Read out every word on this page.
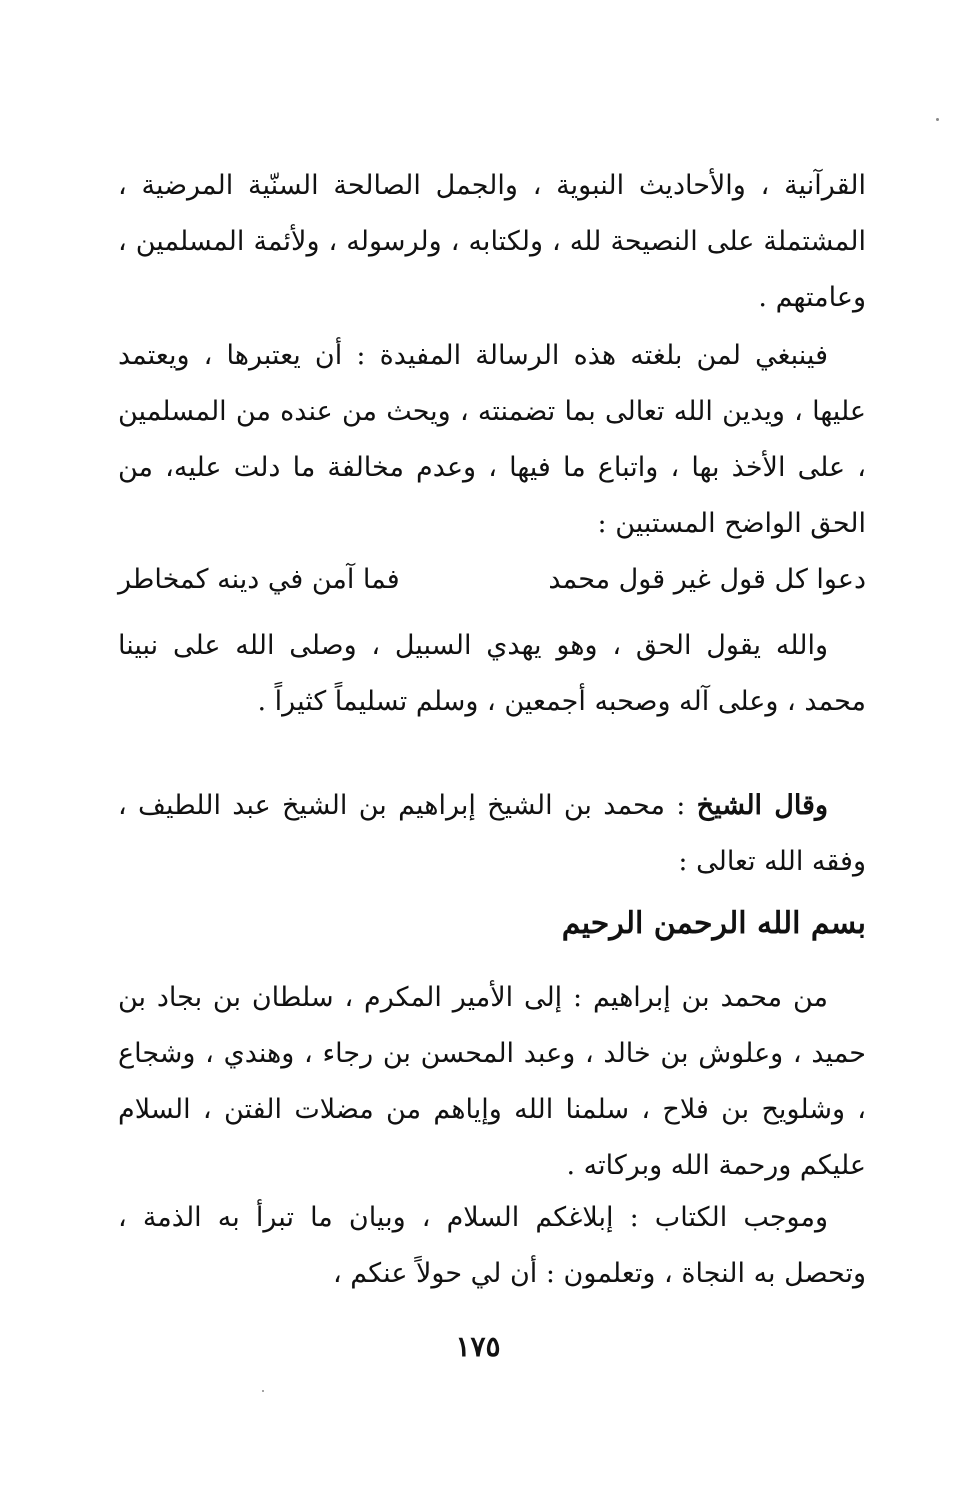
القرآنية ، والأحاديث النبوية ، والجمل الصالحة السنّية المرضية ، المشتملة على النصيحة لله ، ولكتابه ، ولرسوله ، ولأئمة المسلمين ، وعامتهم .

فينبغي لمن بلغته هذه الرسالة المفيدة : أن يعتبرها ، ويعتمد عليها ، ويدين الله تعالى بما تضمنته ، ويحث من عنده من المسلمين ، على الأخذ بها ، واتباع ما فيها ، وعدم مخالفة ما دلت عليه، من الحق الواضح المستبين :

دعوا كل قول غير قول محمد
فما آمن في دينه كمخاطر

والله يقول الحق ، وهو يهدي السبيل ، وصلى الله على نبينا محمد ، وعلى آله وصحبه أجمعين ، وسلم تسليماً كثيراً .

وقال الشيخ : محمد بن الشيخ إبراهيم بن الشيخ عبد اللطيف ، وفقه الله تعالى :

بسم الله الرحمن الرحيم

من محمد بن إبراهيم : إلى الأمير المكرم ، سلطان بن بجاد بن حميد ، وعلوش بن خالد ، وعبد المحسن بن رجاء ، وهندي ، وشجاع ، وشلويح بن فلاح ، سلمنا الله وإياهم من مضلات الفتن ، السلام عليكم ورحمة الله وبركاته .

وموجب الكتاب : إبلاغكم السلام ، وبيان ما تبرأ به الذمة ، وتحصل به النجاة ، وتعلمون : أن لي حولاً عنكم ،

١٧٥
